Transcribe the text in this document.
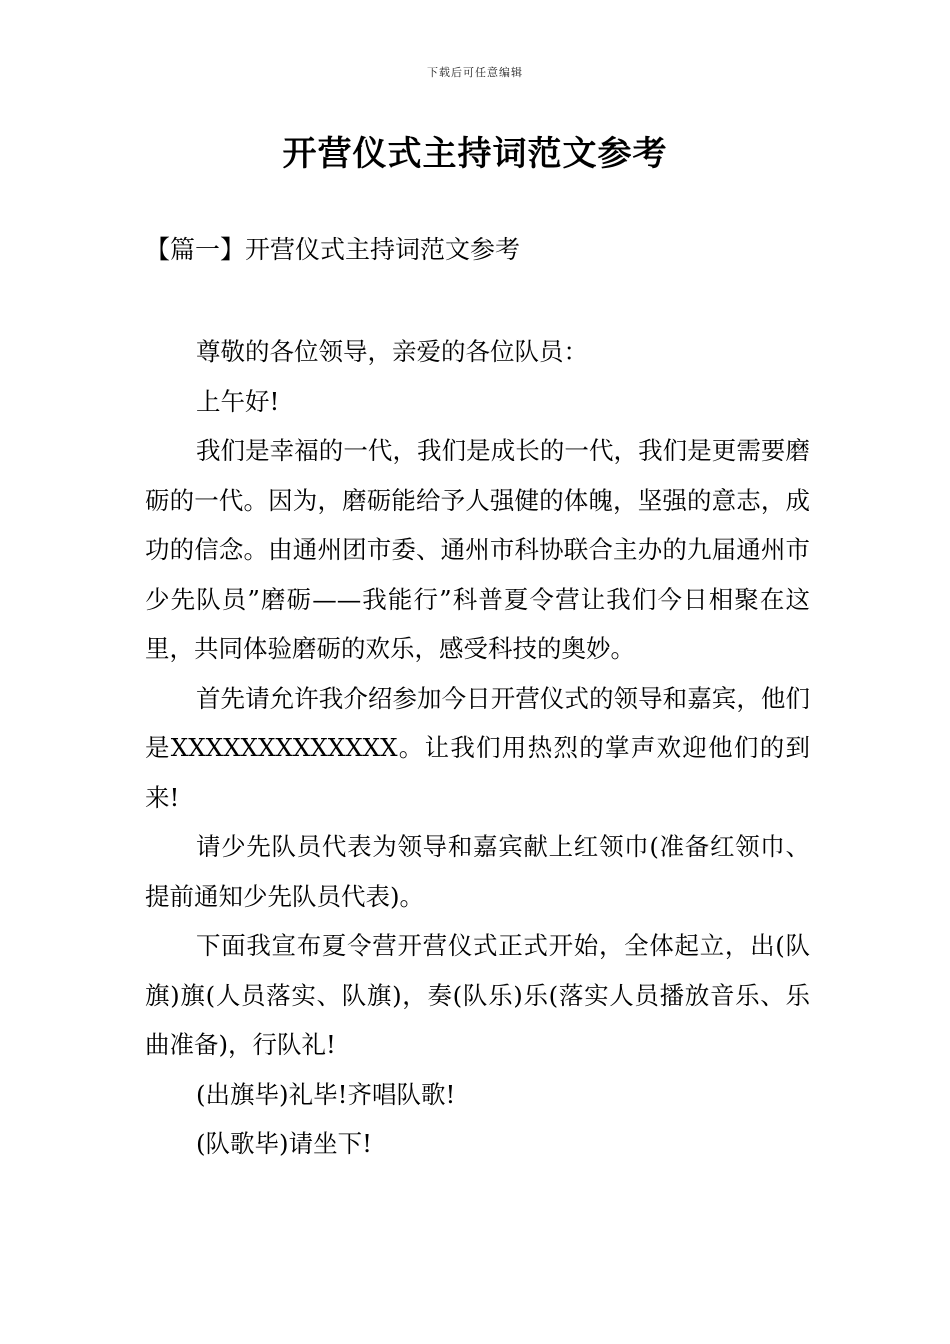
下载后可任意编辑
开营仪式主持词范文参考
【篇一】开营仪式主持词范文参考

尊敬的各位领导，亲爱的各位队员：

上午好!

我们是幸福的一代，我们是成长的一代，我们是更需要磨砺的一代。因为，磨砺能给予人强健的体魄，坚强的意志，成功的信念。由通州团市委、通州市科协联合主办的九届通州市少先队员”磨砺——我能行”科普夏令营让我们今日相聚在这里，共同体验磨砺的欢乐，感受科技的奥妙。

首先请允许我介绍参加今日开营仪式的领导和嘉宾，他们是XXXXXXXXXXXXX。让我们用热烈的掌声欢迎他们的到来!

请少先队员代表为领导和嘉宾献上红领巾(准备红领巾、提前通知少先队员代表)。

下面我宣布夏令营开营仪式正式开始，全体起立，出(队旗)旗(人员落实、队旗)，奏(队乐)乐(落实人员播放音乐、乐曲准备)，行队礼!

(出旗毕)礼毕!齐唱队歌!

(队歌毕)请坐下!
